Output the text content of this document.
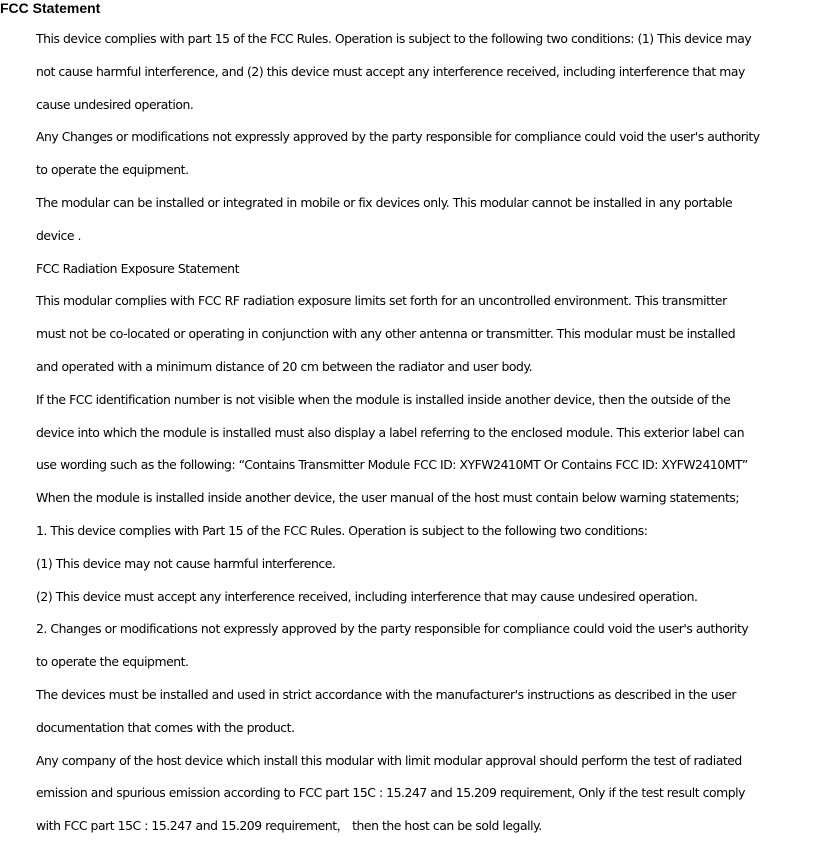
FCC Statement
This device complies with part 15 of the FCC Rules. Operation is subject to the following two conditions: (1) This device may
not cause harmful interference, and (2) this device must accept any interference received, including interference that may
cause undesired operation.
Any Changes or modifications not expressly approved by the party responsible for compliance could void the user's authority
to operate the equipment.
The modular can be installed or integrated in mobile or fix devices only. This modular cannot be installed in any portable
device .
FCC Radiation Exposure Statement
This modular complies with FCC RF radiation exposure limits set forth for an uncontrolled environment. This transmitter
must not be co-located or operating in conjunction with any other antenna or transmitter. This modular must be installed
and operated with a minimum distance of 20 cm between the radiator and user body.
If the FCC identification number is not visible when the module is installed inside another device, then the outside of the
device into which the module is installed must also display a label referring to the enclosed module. This exterior label can
use wording such as the following: “Contains Transmitter Module FCC ID: XYFW2410MT Or Contains FCC ID: XYFW2410MT”
When the module is installed inside another device, the user manual of the host must contain below warning statements;
1. This device complies with Part 15 of the FCC Rules. Operation is subject to the following two conditions:
(1) This device may not cause harmful interference.
(2) This device must accept any interference received, including interference that may cause undesired operation.
2. Changes or modifications not expressly approved by the party responsible for compliance could void the user's authority
to operate the equipment.
The devices must be installed and used in strict accordance with the manufacturer's instructions as described in the user
documentation that comes with the product.
Any company of the host device which install this modular with limit modular approval should perform the test of radiated
emission and spurious emission according to FCC part 15C : 15.247 and 15.209 requirement, Only if the test result comply
with FCC part 15C : 15.247 and 15.209 requirement， then the host can be sold legally.
